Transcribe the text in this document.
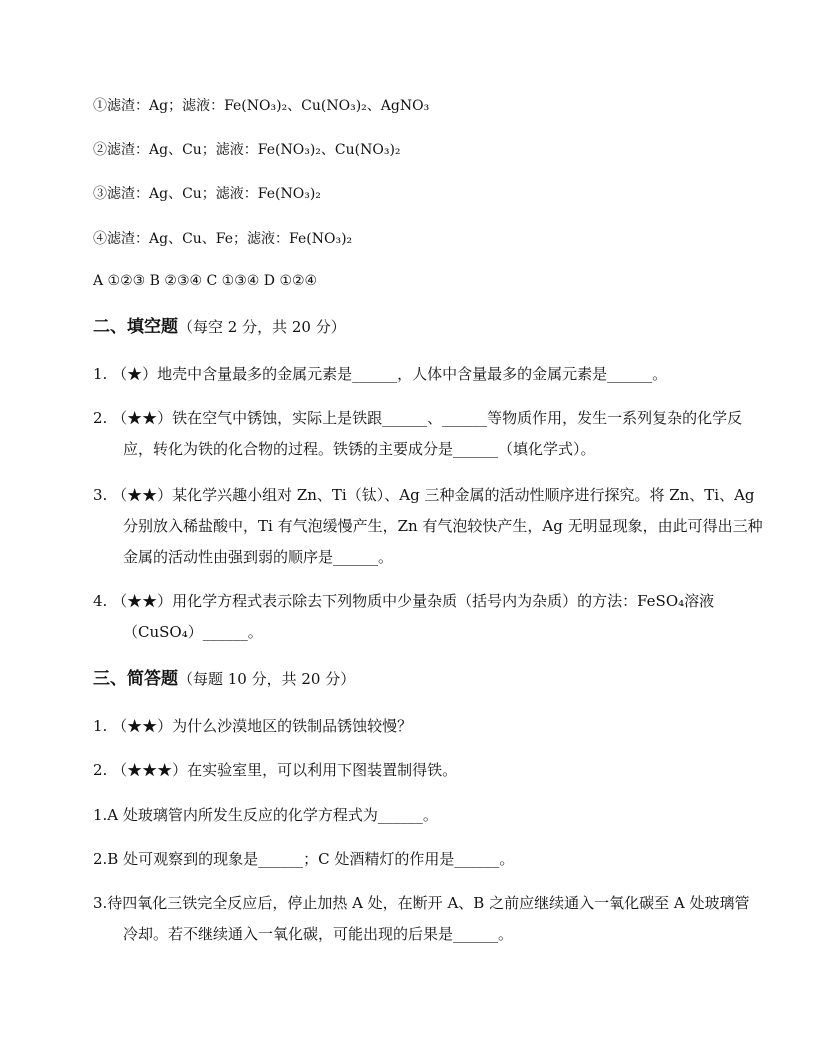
①滤渣：Ag；滤液：Fe(NO₃)₂、Cu(NO₃)₂、AgNO₃
②滤渣：Ag、Cu；滤液：Fe(NO₃)₂、Cu(NO₃)₂
③滤渣：Ag、Cu；滤液：Fe(NO₃)₂
④滤渣：Ag、Cu、Fe；滤液：Fe(NO₃)₂
A ①②③ B ②③④ C ①③④ D ①②④
二、填空题（每空 2 分，共 20 分）
1. （★）地壳中含量最多的金属元素是______，人体中含量最多的金属元素是______。
2. （★★）铁在空气中锈蚀，实际上是铁跟______、______等物质作用，发生一系列复杂的化学反应，转化为铁的化合物的过程。铁锈的主要成分是______（填化学式）。
3. （★★）某化学兴趣小组对 Zn、Ti（钛）、Ag 三种金属的活动性顺序进行探究。将 Zn、Ti、Ag 分别放入稀盐酸中，Ti 有气泡缓慢产生，Zn 有气泡较快产生，Ag 无明显现象，由此可得出三种金属的活动性由强到弱的顺序是______。
4. （★★）用化学方程式表示除去下列物质中少量杂质（括号内为杂质）的方法：FeSO₄溶液（CuSO₄）______。
三、简答题（每题 10 分，共 20 分）
1. （★★）为什么沙漠地区的铁制品锈蚀较慢？
2. （★★★）在实验室里，可以利用下图装置制得铁。
1.A 处玻璃管内所发生反应的化学方程式为______。
2.B 处可观察到的现象是______；C 处酒精灯的作用是______。
3.待四氧化三铁完全反应后，停止加热 A 处，在断开 A、B 之前应继续通入一氧化碳至 A 处玻璃管冷却。若不继续通入一氧化碳，可能出现的后果是______。
